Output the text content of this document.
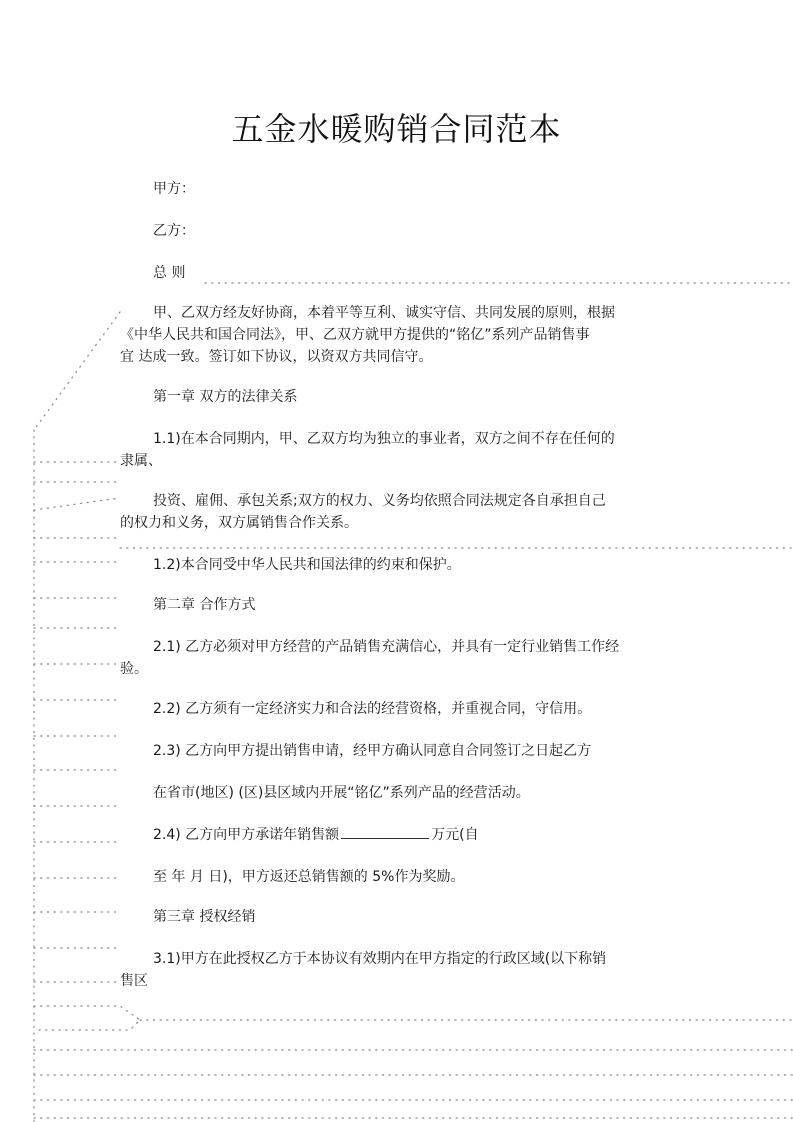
五金水暖购销合同范本

甲方：

乙方：

总 则

甲、乙双方经友好协商，本着平等互利、诚实守信、共同发展的原则，根据

《中华人民共和国合同法》，甲、乙双方就甲方提供的“铭亿”系列产品销售事

宜 达成一致。签订如下协议，以资双方共同信守。

第一章 双方的法律关系

1.1)在本合同期内，甲、乙双方均为独立的事业者，双方之间不存在任何的

隶属、

投资、雇佣、承包关系;双方的权力、义务均依照合同法规定各自承担自己

的权力和义务，双方属销售合作关系。

1.2)本合同受中华人民共和国法律的约束和保护。

第二章 合作方式

2.1) 乙方必须对甲方经营的产品销售充满信心，并具有一定行业销售工作经

验。

2.2) 乙方须有一定经济实力和合法的经营资格，并重视合同，守信用。

2.3) 乙方向甲方提出销售申请，经甲方确认同意自合同签订之日起乙方

在省市(地区) (区)县区域内开展“铭亿”系列产品的经营活动。

2.4) 乙方向甲方承诺年销售额	万元(自

至 年 月 日)，甲方返还总销售额的 5%作为奖励。

第三章 授权经销

3.1)甲方在此授权乙方于本协议有效期内在甲方指定的行政区域(以下称销

售区
